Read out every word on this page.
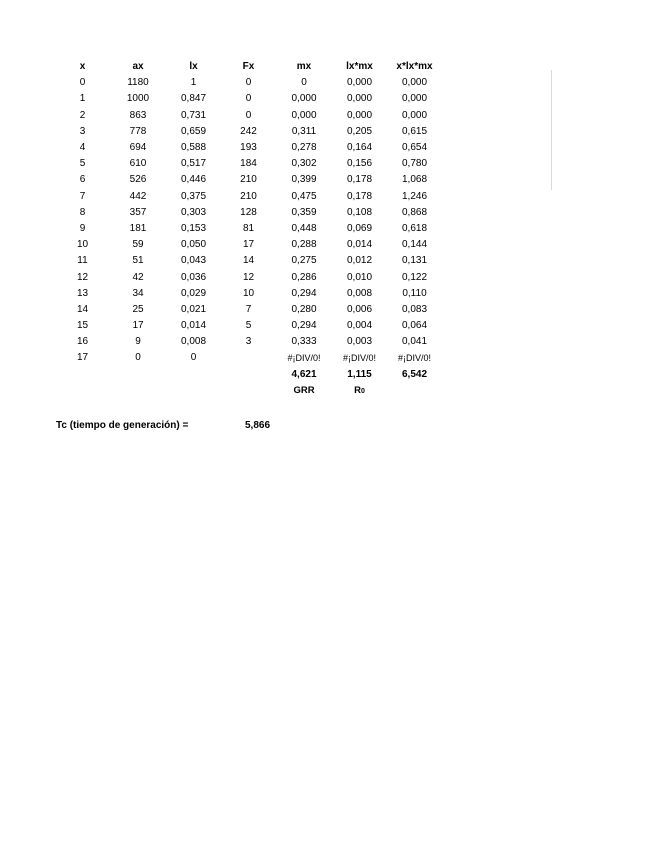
x	ax	lx	Fx	mx	lx*mx	x*lx*mx
0	1180	1	0	0	0,000	0,000
1	1000	0,847	0	0,000	0,000	0,000
2	863	0,731	0	0,000	0,000	0,000
3	778	0,659	242	0,311	0,205	0,615
4	694	0,588	193	0,278	0,164	0,654
5	610	0,517	184	0,302	0,156	0,780
6	526	0,446	210	0,399	0,178	1,068
7	442	0,375	210	0,475	0,178	1,246
8	357	0,303	128	0,359	0,108	0,868
9	181	0,153	81	0,448	0,069	0,618
10	59	0,050	17	0,288	0,014	0,144
11	51	0,043	14	0,275	0,012	0,131
12	42	0,036	12	0,286	0,010	0,122
13	34	0,029	10	0,294	0,008	0,110
14	25	0,021	7	0,280	0,006	0,083
15	17	0,014	5	0,294	0,004	0,064
16	9	0,008	3	0,333	0,003	0,041
17	0	0		#¡DIV/0!	#¡DIV/0!	#¡DIV/0!
				4,621	1,115	6,542
				GRR	R0	
Tc (tiempo de generación) =	5,866
